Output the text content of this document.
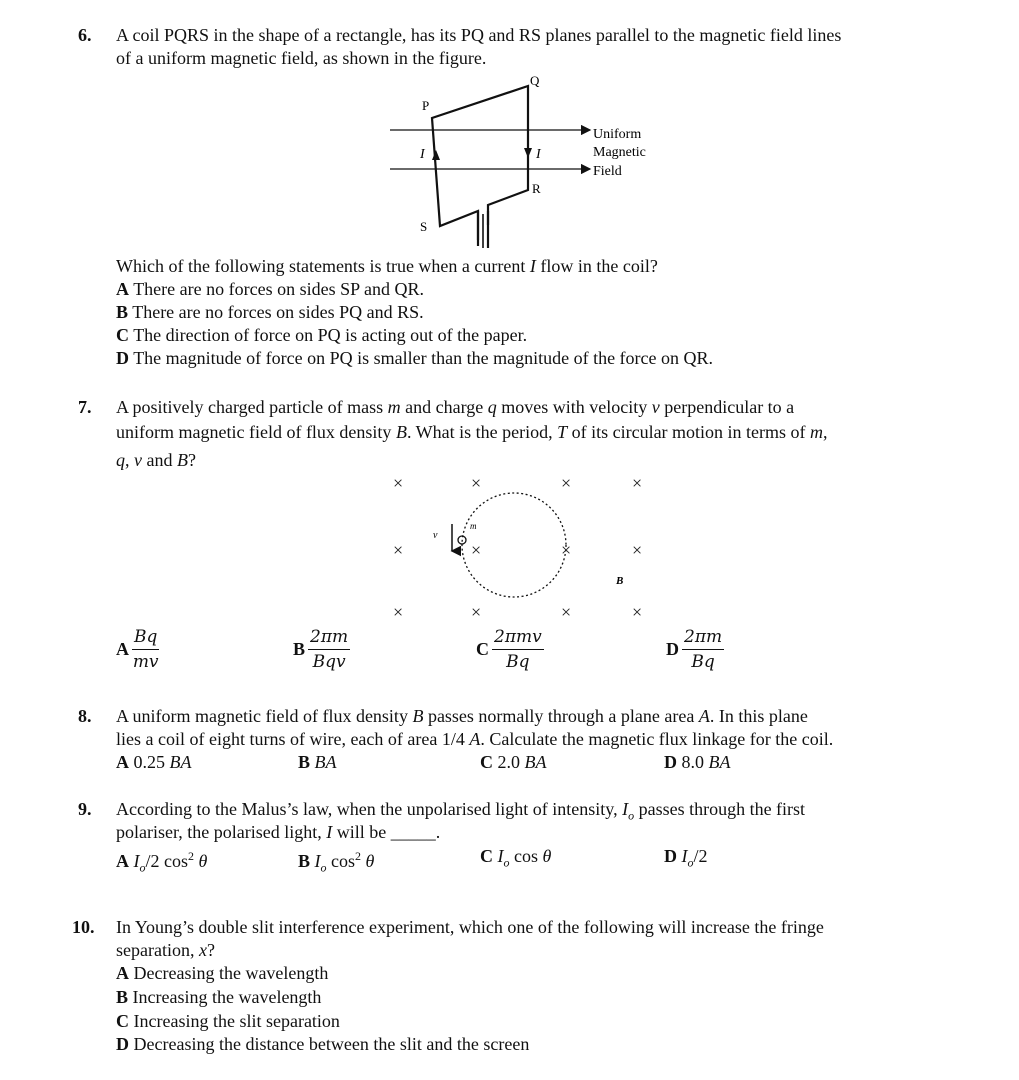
6. A coil PQRS in the shape of a rectangle, has its PQ and RS planes parallel to the magnetic field lines
of a uniform magnetic field, as shown in the figure.
P
Q
R
S
I	I
Uniform
Magnetic
Field
Which of the following statements is true when a current I flow in the coil?
A There are no forces on sides SP and QR.
B There are no forces on sides PQ and RS.
C The direction of force on PQ is acting out of the paper.
D The magnitude of force on PQ is smaller than the magnitude of the force on QR.
7. A positively charged particle of mass m and charge q moves with velocity v perpendicular to a
uniform magnetic field of flux density B. What is the period, T of its circular motion in terms of m,
q, v and B?
×	×	×	×
×	×	×	×
×	×	×	×
v
m
B
A $\frac{Bq}{mv}$	B $\frac{2\pi m}{\text{Bqv}}$	C $\frac{\text{2πmv}}{Bq}$	D $\frac{2\pi m}{Bq}$
8. A uniform magnetic field of flux density B passes normally through a plane area A. In this plane
lies a coil of eight turns of wire, each of area 1/4 A. Calculate the magnetic flux linkage for the coil.
A 0.25 BA	B BA	C 2.0 BA	D 8.0 BA
9. According to the Malus’s law, when the unpolarised light of intensity, $I_o$ passes through the first
polariser, the polarised light, I will be _____.
A $I_o/2$ $\cos^2 \theta$	B $I_o$ $\cos^2 \theta$	C $I_o$ cos θ	D $I_o/2$
10. In Young’s double slit interference experiment, which one of the following will increase the fringe
separation, x?
A Decreasing the wavelength
B Increasing the wavelength
C Increasing the slit separation
D Decreasing the distance between the slit and the screen
